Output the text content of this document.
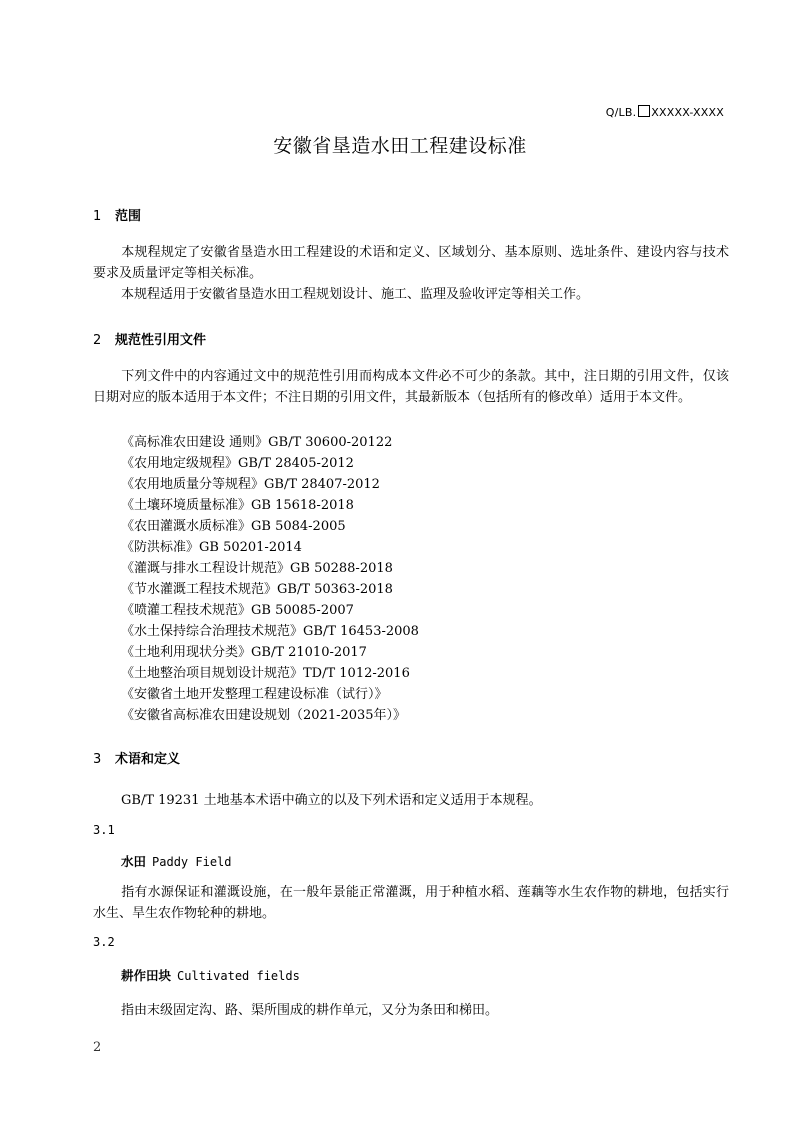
Q/LB. XXXXX-XXXX
安徽省垦造水田工程建设标准
1 范围
本规程规定了安徽省垦造水田工程建设的术语和定义、区域划分、基本原则、选址条件、建设内容与技术要求及质量评定等相关标准。
本规程适用于安徽省垦造水田工程规划设计、施工、监理及验收评定等相关工作。
2 规范性引用文件
下列文件中的内容通过文中的规范性引用而构成本文件必不可少的条款。其中，注日期的引用文件，仅该日期对应的版本适用于本文件；不注日期的引用文件，其最新版本（包括所有的修改单）适用于本文件。
《高标准农田建设 通则》GB/T 30600-20122
《农用地定级规程》GB/T 28405-2012
《农用地质量分等规程》GB/T 28407-2012
《土壤环境质量标准》GB 15618-2018
《农田灌溉水质标准》GB 5084-2005
《防洪标准》GB 50201-2014
《灌溉与排水工程设计规范》GB 50288-2018
《节水灌溉工程技术规范》GB/T 50363-2018
《喷灌工程技术规范》GB 50085-2007
《水土保持综合治理技术规范》GB/T 16453-2008
《土地利用现状分类》GB/T 21010-2017
《土地整治项目规划设计规范》TD/T 1012-2016
《安徽省土地开发整理工程建设标准（试行）》
《安徽省高标准农田建设规划（2021-2035年）》
3 术语和定义
GB/T 19231 土地基本术语中确立的以及下列术语和定义适用于本规程。
3.1
水田 Paddy Field
指有水源保证和灌溉设施，在一般年景能正常灌溉，用于种植水稻、莲藕等水生农作物的耕地，包括实行水生、旱生农作物轮种的耕地。
3.2
耕作田块 Cultivated fields
指由末级固定沟、路、渠所围成的耕作单元，又分为条田和梯田。
2
